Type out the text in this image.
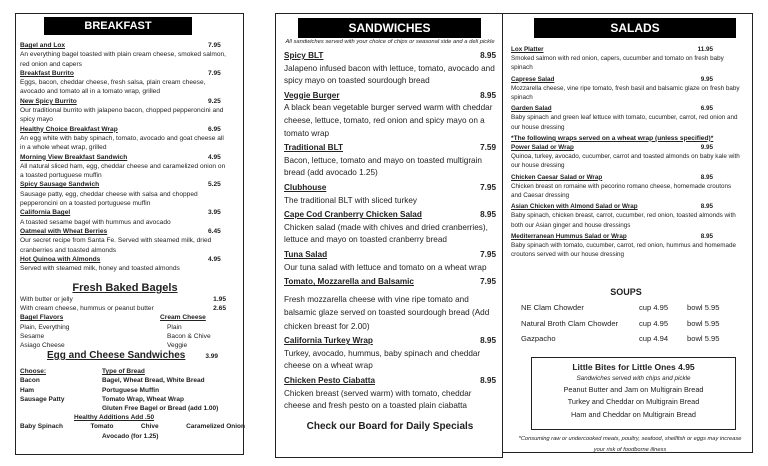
BREAKFAST
Bagel and Lox	7.95
An everything bagel toasted with plain cream cheese, smoked salmon, red onion and capers
Breakfast Burrito	7.95
Eggs, bacon, cheddar cheese, fresh salsa, plain cream cheese, avocado and tomato all in a tomato wrap, grilled
New Spicy Burrito	9.25
Our traditional burrito with jalapeno bacon, chopped pepperoncini and spicy mayo
Healthy Choice Breakfast Wrap	6.95
An egg white with baby spinach, tomato, avocado and goat cheese all in a whole wheat wrap, grilled
Morning View Breakfast Sandwich	4.95
All natural sliced ham, egg, cheddar cheese and caramelized onion on a toasted portuguese muffin
Spicy Sausage Sandwich	5.25
Sausage patty, egg, cheddar cheese with salsa and chopped pepperoncini on a toasted portuguese muffin
California Bagel	3.95
A toasted sesame bagel with hummus and avocado
Oatmeal with Wheat Berries	6.45
Our secret recipe from Santa Fe. Served with steamed milk, dried cranberries and toasted almonds
Hot Quinoa with Almonds	4.95
Served with steamed milk, honey and toasted almonds
Fresh Baked Bagels
With butter or jelly	1.95
With cream cheese, hummus or peanut butter	2.65
Bagel Flavors
Plain, Everything
Sesame
Asiago Cheese
Cream Cheese
Plain
Bacon & Chive
Veggie
Egg and Cheese Sandwiches	3.99
Choose:	Type of Bread
Bacon	Bagel, Wheat Bread, White Bread
Ham	Portuguese Muffin
Sausage Patty	Tomato Wrap, Wheat Wrap
Gluten Free Bagel or Bread (add 1.00)
Healthy Additions Add .50
Baby Spinach	Tomato	Chive	Caramelized Onion
Avocado (for 1.25)
SANDWICHES
All sandwiches served with your choice of chips or seasonal side and a deli pickle
Spicy BLT	8.95
Jalapeno infused bacon with lettuce, tomato, avocado and spicy mayo on toasted sourdough bread
Veggie Burger	8.95
A black bean vegetable burger served warm with cheddar cheese, lettuce, tomato, red onion and spicy mayo on a tomato wrap
Traditional BLT	7.59
Bacon, lettuce, tomato and mayo on toasted multigrain bread (add avocado 1.25)
Clubhouse	7.95
The traditional BLT with sliced turkey
Cape Cod Cranberry Chicken Salad	8.95
Chicken salad (made with chives and dried cranberries), lettuce and mayo on toasted cranberry bread
Tuna Salad	7.95
Our tuna salad with lettuce and tomato on a wheat wrap
Tomato, Mozzarella and Balsamic	7.95
Fresh mozzarella cheese with vine ripe tomato and balsamic glaze served on toasted sourdough bread (Add chicken breast for 2.00)
California Turkey Wrap	8.95
Turkey, avocado, hummus, baby spinach and cheddar cheese on a wheat wrap
Chicken Pesto Ciabatta	8.95
Chicken breast (served warm) with tomato, cheddar cheese and fresh pesto on a toasted plain ciabatta
Check our Board for Daily Specials
SALADS
Lox Platter	11.95
Smoked salmon with red onion, capers, cucumber and tomato on fresh baby spinach
Caprese Salad	9.95
Mozzarella cheese, vine ripe tomato, fresh basil and balsamic glaze on fresh baby spinach
Garden Salad	6.95
Baby spinach and green leaf lettuce with tomato, cucumber, carrot, red onion and our house dressing
*The following wraps served on a wheat wrap (unless specified)*
Power Salad or Wrap	9.95
Quinoa, turkey, avocado, cucumber, carrot and toasted almonds on baby kale with our house dressing
Chicken Caesar Salad or Wrap	8.95
Chicken breast on romaine with pecorino romano cheese, homemade croutons and Caesar dressing
Asian Chicken with Almond Salad or Wrap	8.95
Baby spinach, chicken breast, carrot, cucumber, red onion, toasted almonds with both our Asian ginger and house dressings
Mediterranean Hummus Salad or Wrap	8.95
Baby spinach with tomato, cucumber, carrot, red onion, hummus and homemade croutons served with our house dressing
SOUPS
NE Clam Chowder	cup 4.95	bowl 5.95
Natural Broth Clam Chowder	cup 4.95	bowl 5.95
Gazpacho	cup 4.94	bowl 5.95
Little Bites for Little Ones 4.95
Sandwiches served with chips and pickle
Peanut Butter and Jam on Multigrain Bread
Turkey and Cheddar on Multigrain Bread
Ham and Cheddar on Multigrain Bread
*Consuming raw or undercooked meats, poultry, seafood, shellfish or eggs may increase your risk of foodborne illness
